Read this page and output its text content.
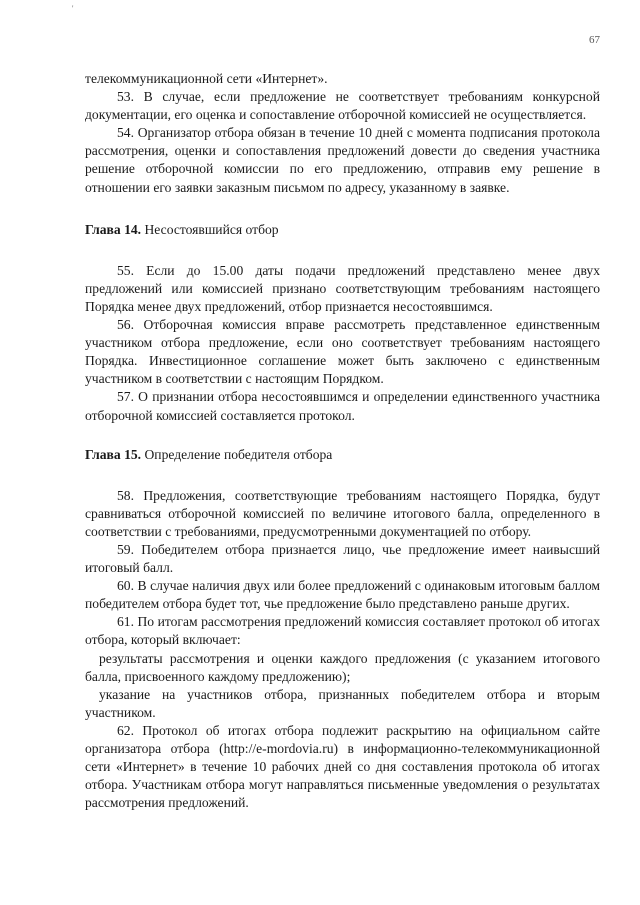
'
67

телекоммуникационной сети «Интернет».

53. В случае, если предложение не соответствует требованиям конкурсной документации, его оценка и сопоставление отборочной комиссией не осуществляется.

54. Организатор отбора обязан в течение 10 дней с момента подписания протокола рассмотрения, оценки и сопоставления предложений довести до сведения участника решение отборочной комиссии по его предложению, отправив ему решение в отношении его заявки заказным письмом по адресу, указанному в заявке.

Глава 14. Несостоявшийся отбор

55. Если до 15.00 даты подачи предложений представлено менее двух предложений или комиссией признано соответствующим требованиям настоящего Порядка менее двух предложений, отбор признается несостоявшимся.

56. Отборочная комиссия вправе рассмотреть представленное единственным участником отбора предложение, если оно соответствует требованиям настоящего Порядка. Инвестиционное соглашение может быть заключено с единственным участником в соответствии с настоящим Порядком.

57. О признании отбора несостоявшимся и определении единственного участника отборочной комиссией составляется протокол.

Глава 15. Определение победителя отбора

58. Предложения, соответствующие требованиям настоящего Порядка, будут сравниваться отборочной комиссией по величине итогового балла, определенного в соответствии с требованиями, предусмотренными документацией по отбору.

59. Победителем отбора признается лицо, чье предложение имеет наивысший итоговый балл.

60. В случае наличия двух или более предложений с одинаковым итоговым баллом победителем отбора будет тот, чье предложение было представлено раньше других.

61. По итогам рассмотрения предложений комиссия составляет протокол об итогах отбора, который включает:

результаты рассмотрения и оценки каждого предложения (с указанием итогового балла, присвоенного каждому предложению);

указание на участников отбора, признанных победителем отбора и вторым участником.

62. Протокол об итогах отбора подлежит раскрытию на официальном сайте организатора отбора (http://e-mordovia.ru) в информационно-телекоммуникационной сети «Интернет» в течение 10 рабочих дней со дня составления протокола об итогах отбора. Участникам отбора могут направляться письменные уведомления о результатах рассмотрения предложений.
